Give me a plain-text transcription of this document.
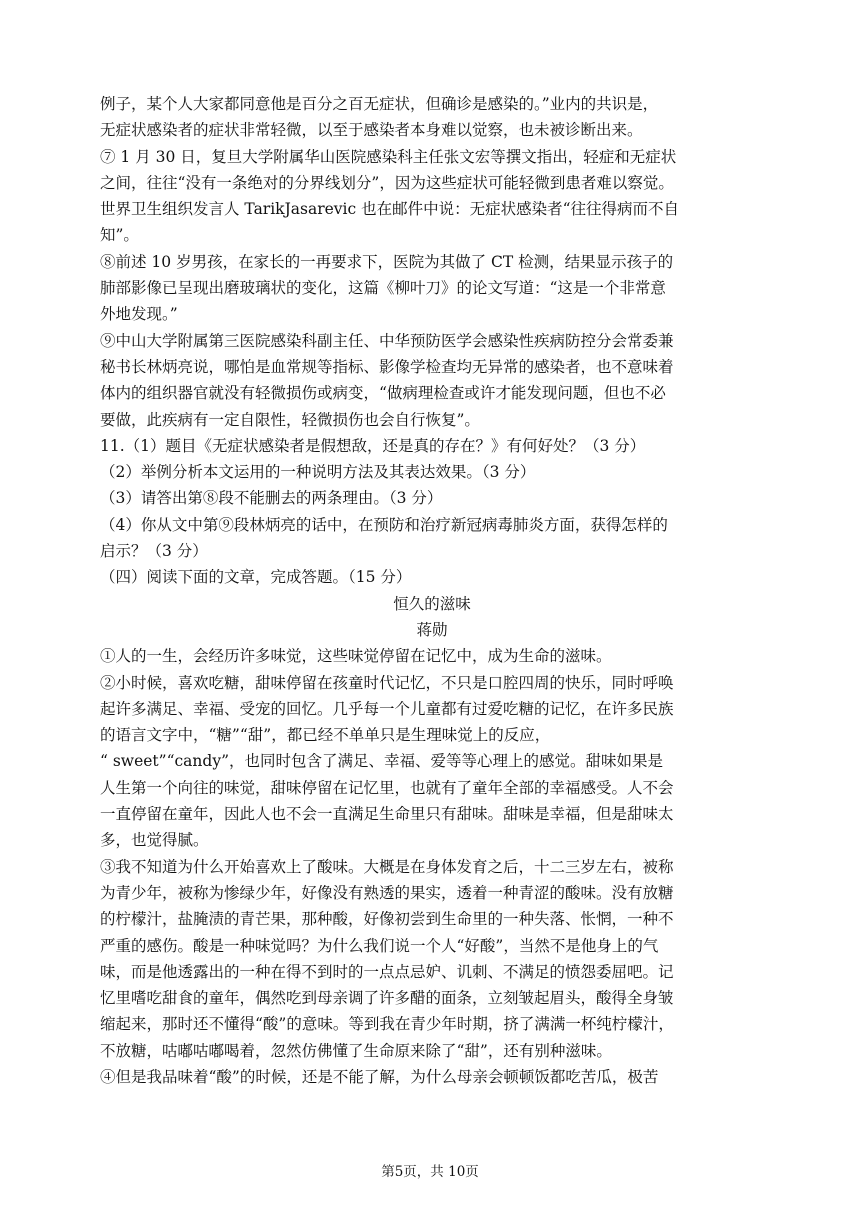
例子，某个人大家都同意他是百分之百无症状，但确诊是感染的。”业内的共识是，

无症状感染者的症状非常轻微，以至于感染者本身难以觉察，也未被诊断出来。

⑦ 1 月 30 日，复旦大学附属华山医院感染科主任张文宏等撰文指出，轻症和无症状

之间，往往“没有一条绝对的分界线划分”，因为这些症状可能轻微到患者难以察觉。

世界卫生组织发言人 TarikJasarevic 也在邮件中说：无症状感染者“往往得病而不自

知”。

⑧前述 10 岁男孩，在家长的一再要求下，医院为其做了 CT 检测，结果显示孩子的

肺部影像已呈现出磨玻璃状的变化，这篇《柳叶刀》的论文写道：“这是一个非常意

外地发现。”

⑨中山大学附属第三医院感染科副主任、中华预防医学会感染性疾病防控分会常委兼

秘书长林炳亮说，哪怕是血常规等指标、影像学检查均无异常的感染者，也不意味着

体内的组织器官就没有轻微损伤或病变，“做病理检查或许才能发现问题，但也不必

要做，此疾病有一定自限性，轻微损伤也会自行恢复”。

11.（1）题目《无症状感染者是假想敌，还是真的存在？》有何好处？（3 分）

（2）举例分析本文运用的一种说明方法及其表达效果。（3 分）

（3）请答出第⑧段不能删去的两条理由。（3 分）

（4）你从文中第⑨段林炳亮的话中，在预防和治疗新冠病毒肺炎方面，获得怎样的

启示？（3 分）

（四）阅读下面的文章，完成答题。（15 分）

恒久的滋味

蒋勋

①人的一生，会经历许多味觉，这些味觉停留在记忆中，成为生命的滋味。

②小时候，喜欢吃糖，甜味停留在孩童时代记忆，不只是口腔四周的快乐，同时呼唤

起许多满足、幸福、受宠的回忆。几乎每一个儿童都有过爱吃糖的记忆，在许多民族

的语言文字中，“糖”“甜”，都已经不单单只是生理味觉上的反应，

“ sweet”“candy”，也同时包含了满足、幸福、爱等等心理上的感觉。甜味如果是

人生第一个向往的味觉，甜味停留在记忆里，也就有了童年全部的幸福感受。人不会

一直停留在童年，因此人也不会一直满足生命里只有甜味。甜味是幸福，但是甜味太

多，也觉得腻。

③我不知道为什么开始喜欢上了酸味。大概是在身体发育之后，十二三岁左右，被称

为青少年，被称为惨绿少年，好像没有熟透的果实，透着一种青涩的酸味。没有放糖

的柠檬汁，盐腌渍的青芒果，那种酸，好像初尝到生命里的一种失落、怅惘，一种不

严重的感伤。酸是一种味觉吗？为什么我们说一个人“好酸”，当然不是他身上的气

味，而是他透露出的一种在得不到时的一点点忌妒、讥刺、不满足的愤怨委屈吧。记

忆里嗜吃甜食的童年，偶然吃到母亲调了许多醋的面条，立刻皱起眉头，酸得全身皱

缩起来，那时还不懂得“酸”的意味。等到我在青少年时期，挤了满满一杯纯柠檬汁，

不放糖，咕嘟咕嘟喝着，忽然仿佛懂了生命原来除了“甜”，还有别种滋味。

④但是我品味着“酸”的时候，还是不能了解，为什么母亲会顿顿饭都吃苦瓜，极苦

第5页，共 10页
